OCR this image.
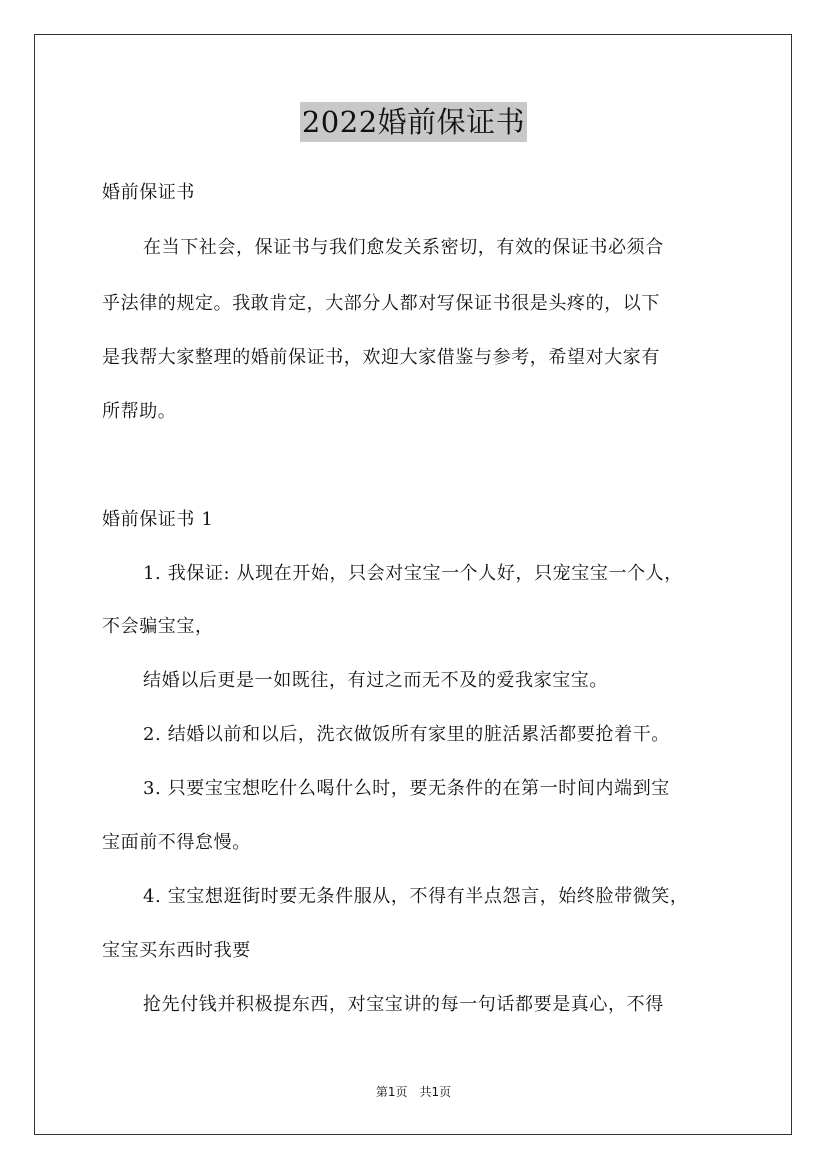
2022婚前保证书
婚前保证书
在当下社会，保证书与我们愈发关系密切，有效的保证书必须合
乎法律的规定。我敢肯定，大部分人都对写保证书很是头疼的，以下
是我帮大家整理的婚前保证书，欢迎大家借鉴与参考，希望对大家有
所帮助。
婚前保证书 1
1. 我保证: 从现在开始，只会对宝宝一个人好，只宠宝宝一个人，
不会骗宝宝，
结婚以后更是一如既往，有过之而无不及的爱我家宝宝。
2. 结婚以前和以后，洗衣做饭所有家里的脏活累活都要抢着干。
3. 只要宝宝想吃什么喝什么时，要无条件的在第一时间内端到宝
宝面前不得怠慢。
4. 宝宝想逛街时要无条件服从，不得有半点怨言，始终脸带微笑，
宝宝买东西时我要
抢先付钱并积极提东西，对宝宝讲的每一句话都要是真心，不得
第1页　共1页
